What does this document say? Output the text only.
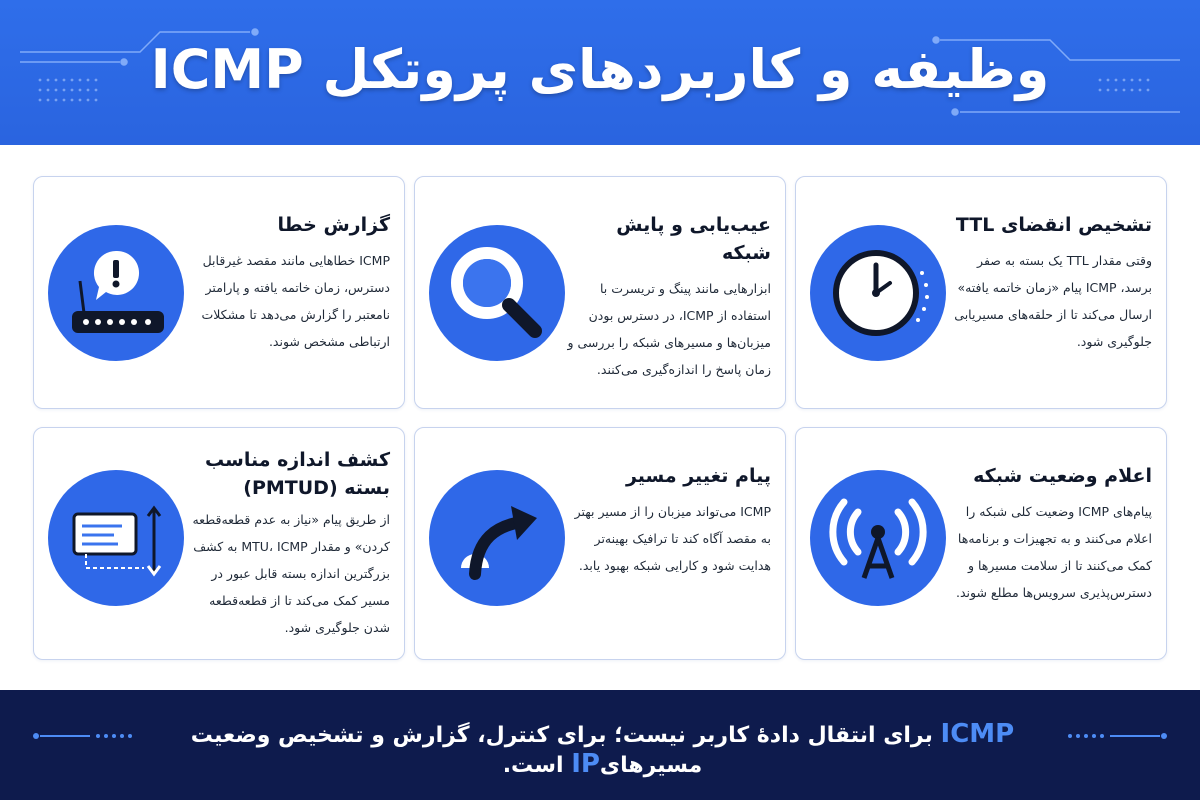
وظیفه و کاربردهای پروتکل ICMP
گزارش خطا
ICMP خطاهایی مانند مقصد غیرقابل دسترس، زمان خاتمه یافته و پارامتر نامعتبر را گزارش می‌دهد تا مشکلات ارتباطی مشخص شوند.
عیب‌یابی و پایش شبکه
ابزارهایی مانند پینگ و تریسرت با استفاده از ICMP، در دسترس بودن میزبان‌ها و مسیرهای شبکه را بررسی و زمان پاسخ را اندازه‌گیری می‌کنند.
تشخیص انقضای TTL
وقتی مقدار TTL یک بسته به صفر برسد، ICMP پیام «زمان خاتمه یافته» ارسال می‌کند تا از حلقه‌های مسیریابی جلوگیری شود.
کشف اندازه مناسب بسته (PMTUD)
از طریق پیام «نیاز به عدم قطعه‌قطعه کردن» و مقدار MTU، ICMP به کشف بزرگترین اندازه بسته قابل عبور در مسیر کمک می‌کند تا از قطعه‌قطعه شدن جلوگیری شود.
پیام تغییر مسیر
ICMP می‌تواند میزبان را از مسیر بهتر به مقصد آگاه کند تا ترافیک بهینه‌تر هدایت شود و کارایی شبکه بهبود یابد.
اعلام وضعیت شبکه
پیام‌های ICMP وضعیت کلی شبکه را اعلام می‌کنند و به تجهیزات و برنامه‌ها کمک می‌کنند تا از سلامت مسیرها و دسترس‌پذیری سرویس‌ها مطلع شوند.
ICMP برای انتقال دادهٔ کاربر نیست؛ برای کنترل، گزارش و تشخیص وضعیت مسیرهایIP است.
